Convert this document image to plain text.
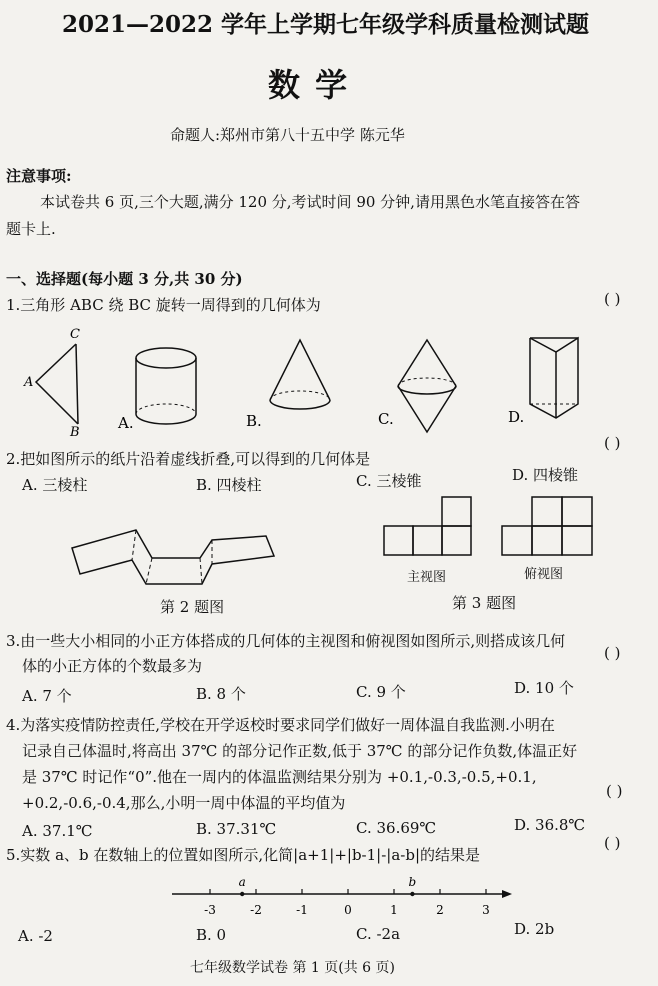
2021—2022 学年上学期七年级学科质量检测试题
数 学
命题人:郑州市第八十五中学 陈元华
注意事项:
本试卷共 6 页,三个大题,满分 120 分,考试时间 90 分钟,请用黑色水笔直接答在答
题卡上.
一、选择题(每小题 3 分,共 30 分)
1.三角形 ABC 绕 BC 旋转一周得到的几何体为	( )
C
A
B
A.	B.	C.	D.
2.把如图所示的纸片沿着虚线折叠,可以得到的几何体是
( )
A. 三棱柱	B. 四棱柱	C. 三棱锥	D. 四棱锥
第 2 题图
主视图	俯视图
第 3 题图
3.由一些大小相同的小正方体搭成的几何体的主视图和俯视图如图所示,则搭成该几何
体的小正方体的个数最多为
( )
A. 7 个	B. 8 个	C. 9 个	D. 10 个
4.为落实疫情防控责任,学校在开学返校时要求同学们做好一周体温自我监测.小明在
记录自己体温时,将高出 37℃ 的部分记作正数,低于 37℃ 的部分记作负数,体温正好
是 37℃ 时记作“0”.他在一周内的体温监测结果分别为 +0.1,-0.3,-0.5,+0.1,
+0.2,-0.6,-0.4,那么,小明一周中体温的平均值为
( )
A. 37.1℃	B. 37.31℃	C. 36.69℃	D. 36.8℃
5.实数 a、b 在数轴上的位置如图所示,化简|a+1|+|b-1|-|a-b|的结果是
( )
-3	-2	-1	0	1	2	3
a	b
A. -2	B. 0	C. -2a	D. 2b
七年级数学试卷 第 1 页(共 6 页)
